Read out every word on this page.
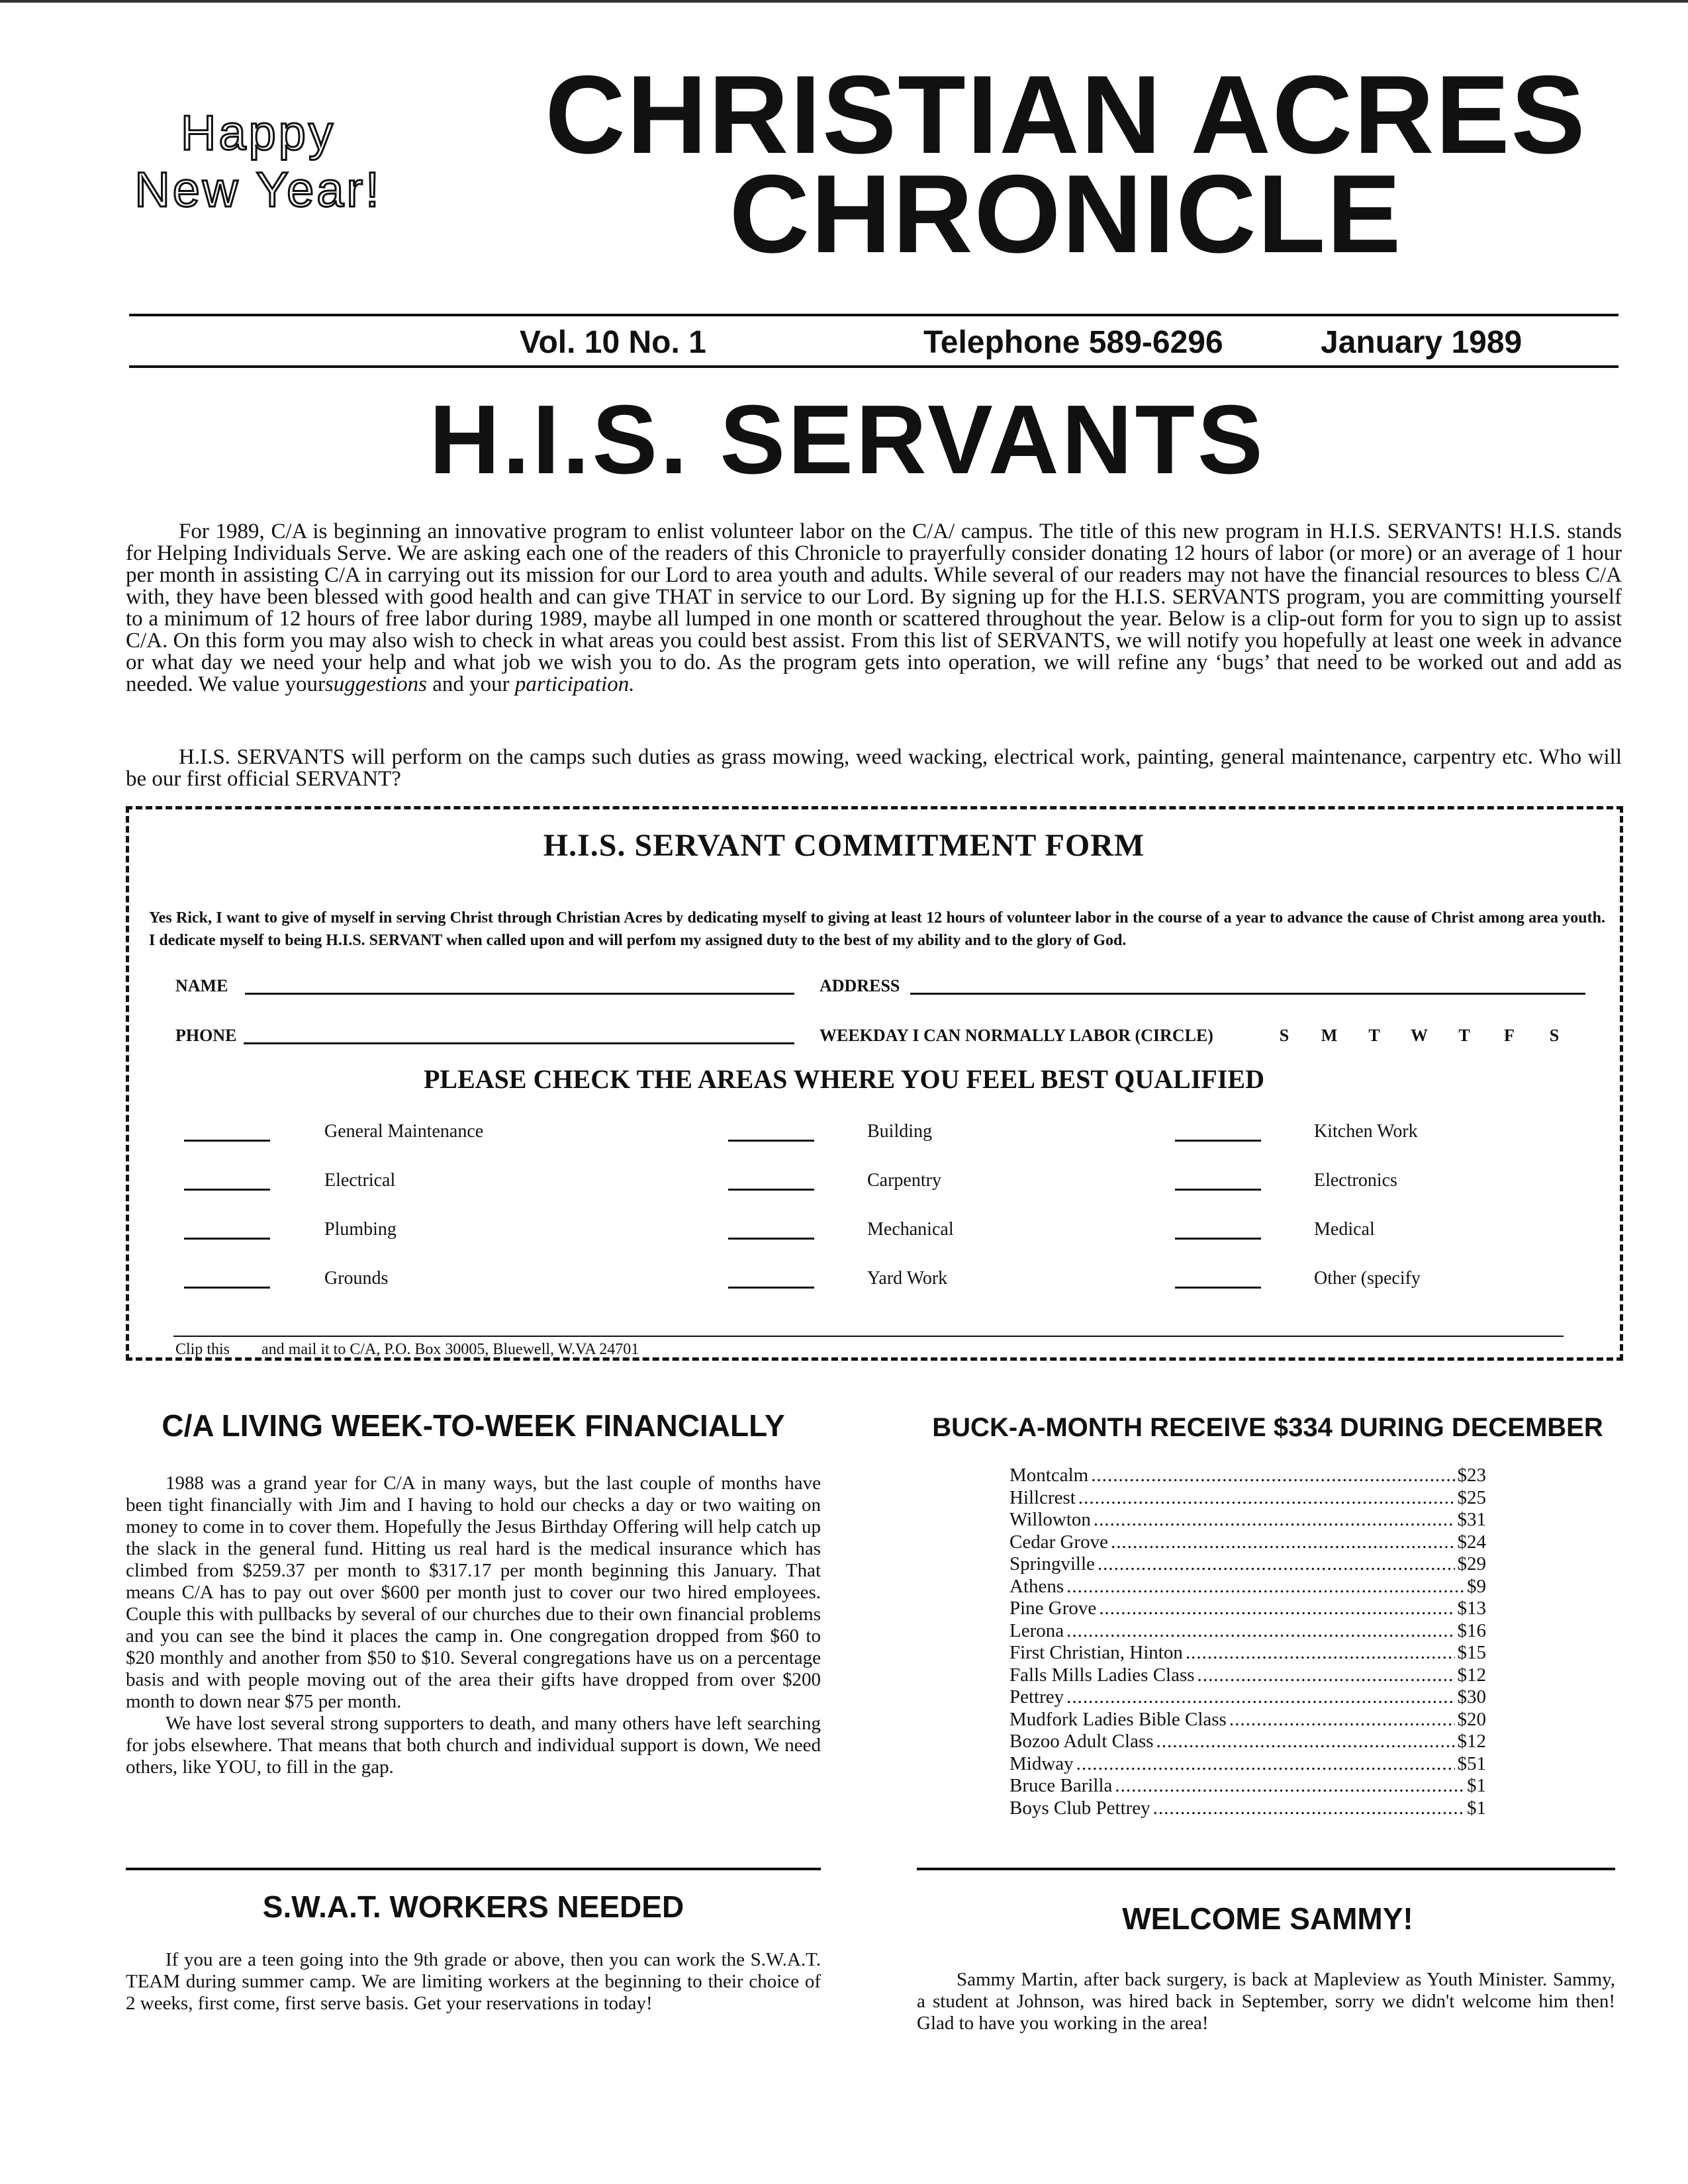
Happy
New Year!
CHRISTIAN ACRES
CHRONICLE
Vol. 10 No. 1	Telephone 589-6296	January 1989
H.I.S. SERVANTS

For 1989, C/A is beginning an innovative program to enlist volunteer labor on the C/A/ campus. The title of this new program in H.I.S. SERVANTS! H.I.S. stands for Helping Individuals Serve. We are asking each one of the readers of this Chronicle to prayerfully consider donating 12 hours of labor (or more) or an average of 1 hour per month in assisting C/A in carrying out its mission for our Lord to area youth and adults. While several of our readers may not have the financial resources to bless C/A with, they have been blessed with good health and can give THAT in service to our Lord. By signing up for the H.I.S. SERVANTS program, you are committing yourself to a minimum of 12 hours of free labor during 1989, maybe all lumped in one month or scattered throughout the year. Below is a clip-out form for you to sign up to assist C/A. On this form you may also wish to check in what areas you could best assist. From this list of SERVANTS, we will notify you hopefully at least one week in advance or what day we need your help and what job we wish you to do. As the program gets into operation, we will refine any ‘bugs’ that need to be worked out and add as needed. We value yoursuggestions and your participation.

H.I.S. SERVANTS will perform on the camps such duties as grass mowing, weed wacking, electrical work, painting, general maintenance, carpentry etc. Who will be our first official SERVANT?

H.I.S. SERVANT COMMITMENT FORM
Yes Rick, I want to give of myself in serving Christ through Christian Acres by dedicating myself to giving at least 12 hours of volunteer labor in the course of a year to advance the cause of Christ among area youth. I dedicate myself to being H.I.S. SERVANT when called upon and will perfom my assigned duty to the best of my ability and to the glory of God.
NAME	ADDRESS
PHONE	WEEKDAY I CAN NORMALLY LABOR (CIRCLE)	S	M	T	W	T	F	S
PLEASE CHECK THE AREAS WHERE YOU FEEL BEST QUALIFIED
General Maintenance	Building	Kitchen Work
Electrical	Carpentry	Electronics
Plumbing	Mechanical	Medical
Grounds	Yard Work	Other (specify
Clip this and mail it to C/A, P.O. Box 30005, Bluewell, W.VA 24701
C/A LIVING WEEK-TO-WEEK FINANCIALLY

1988 was a grand year for C/A in many ways, but the last couple of months have been tight financially with Jim and I having to hold our checks a day or two waiting on money to come in to cover them. Hopefully the Jesus Birthday Offering will help catch up the slack in the general fund. Hitting us real hard is the medical insurance which has climbed from $259.37 per month to $317.17 per month beginning this January. That means C/A has to pay out over $600 per month just to cover our two hired employees. Couple this with pullbacks by several of our churches due to their own financial problems and you can see the bind it places the camp in. One congregation dropped from $60 to $20 monthly and another from $50 to $10. Several congregations have us on a percentage basis and with people moving out of the area their gifts have dropped from over $200 month to down near $75 per month.

We have lost several strong supporters to death, and many others have left searching for jobs elsewhere. That means that both church and individual support is down, We need others, like YOU, to fill in the gap.

S.W.A.T. WORKERS NEEDED

If you are a teen going into the 9th grade or above, then you can work the S.W.A.T. TEAM during summer camp. We are limiting workers at the beginning to their choice of 2 weeks, first come, first serve basis. Get your reservations in today!

BUCK-A-MONTH RECEIVE $334 DURING DECEMBER
Montcalm .....	$23
Hillcrest .....	$25
Willowton .....	$31
Cedar Grove .....	$24
Springville .....	$29
Athens .....	$9
Pine Grove .....	$13
Lerona .....	$16
First Christian, Hinton .....	$15
Falls Mills Ladies Class .....	$12
Pettrey .....	$30
Mudfork Ladies Bible Class .....	$20
Bozoo Adult Class .....	$12
Midway .....	$51
Bruce Barilla .....	$1
Boys Club Pettrey .....	$1
WELCOME SAMMY!

Sammy Martin, after back surgery, is back at Mapleview as Youth Minister. Sammy, a student at Johnson, was hired back in September, sorry we didn't welcome him then! Glad to have you working in the area!
